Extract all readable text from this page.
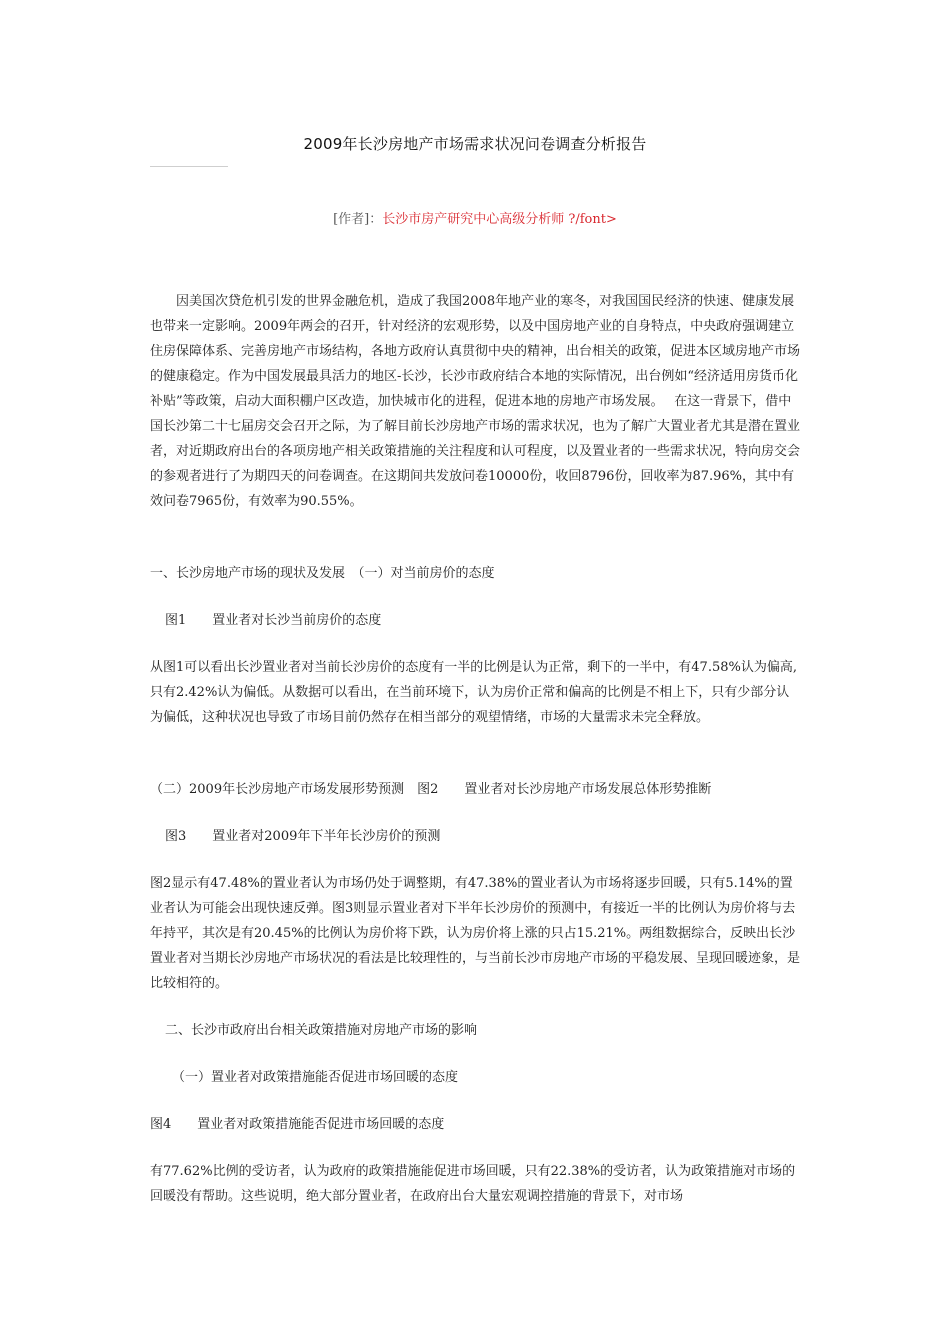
2009年长沙房地产市场需求状况问卷调查分析报告
[作者]：长沙市房产研究中心高级分析师 ?/font>

因美国次贷危机引发的世界金融危机，造成了我国2008年地产业的寒冬，对我国国民经济的快速、健康发展也带来一定影响。2009年两会的召开，针对经济的宏观形势，以及中国房地产业的自身特点，中央政府强调建立住房保障体系、完善房地产市场结构，各地方政府认真贯彻中央的精神，出台相关的政策，促进本区域房地产市场的健康稳定。作为中国发展最具活力的地区-长沙，长沙市政府结合本地的实际情况，出台例如“经济适用房货币化补贴”等政策，启动大面积棚户区改造，加快城市化的进程，促进本地的房地产市场发展。　 在这一背景下，借中国长沙第二十七届房交会召开之际，为了解目前长沙房地产市场的需求状况，也为了解广大置业者尤其是潜在置业者，对近期政府出台的各项房地产相关政策措施的关注程度和认可程度，以及置业者的一些需求状况，特向房交会的参观者进行了为期四天的问卷调查。在这期间共发放问卷10000份，收回8796份，回收率为87.96%，其中有效问卷7965份，有效率为90.55%。

一、长沙房地产市场的现状及发展　（一）对当前房价的态度
图1　　置业者对长沙当前房价的态度

从图1可以看出长沙置业者对当前长沙房价的态度有一半的比例是认为正常，剩下的一半中，有47.58%认为偏高,只有2.42%认为偏低。从数据可以看出，在当前环境下，认为房价正常和偏高的比例是不相上下，只有少部分认为偏低，这种状况也导致了市场目前仍然存在相当部分的观望情绪，市场的大量需求未完全释放。

（二）2009年长沙房地产市场发展形势预测　图2　　置业者对长沙房地产市场发展总体形势推断
图3　　置业者对2009年下半年长沙房价的预测

图2显示有47.48%的置业者认为市场仍处于调整期，有47.38%的置业者认为市场将逐步回暖，只有5.14%的置业者认为可能会出现快速反弹。图3则显示置业者对下半年长沙房价的预测中，有接近一半的比例认为房价将与去年持平，其次是有20.45%的比例认为房价将下跌，认为房价将上涨的只占15.21%。两组数据综合，反映出长沙置业者对当期长沙房地产市场状况的看法是比较理性的，与当前长沙市房地产市场的平稳发展、呈现回暖迹象，是比较相符的。

二、长沙市政府出台相关政策措施对房地产市场的影响
（一）置业者对政策措施能否促进市场回暖的态度
图4　　置业者对政策措施能否促进市场回暖的态度

有77.62%比例的受访者，认为政府的政策措施能促进市场回暖，只有22.38%的受访者，认为政策措施对市场的回暖没有帮助。这些说明，绝大部分置业者，在政府出台大量宏观调控措施的背景下，对市场
